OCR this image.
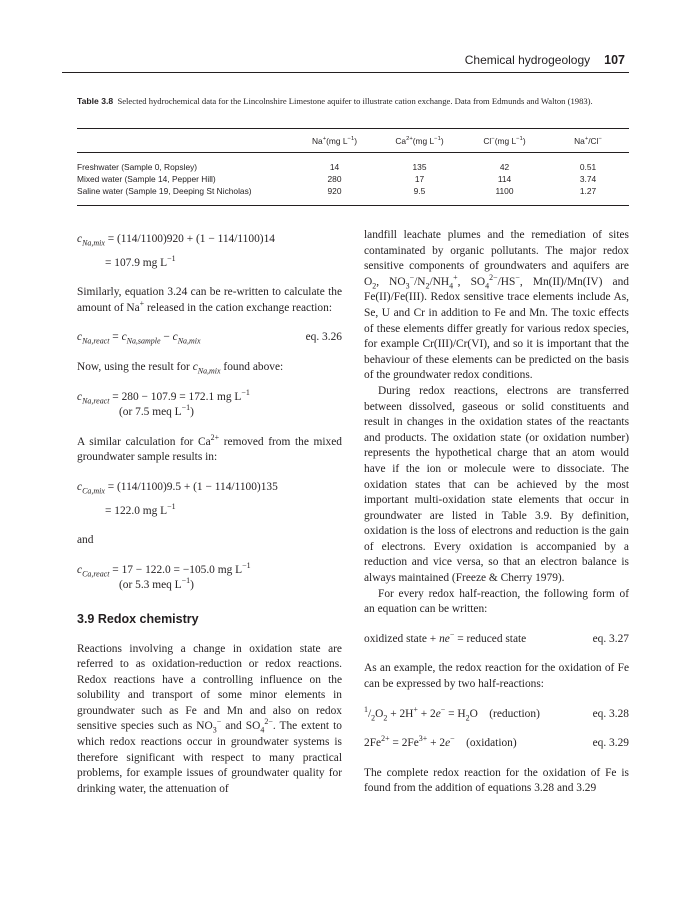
Chemical hydrogeology 107
Table 3.8 Selected hydrochemical data for the Lincolnshire Limestone aquifer to illustrate cation exchange. Data from Edmunds and Walton (1983).
	Na+(mg $L^{-1}$)	$Ca^{2+}(mg$ $L^{-1}$)	Cl−(mg $L^{-1}$)	Na+/Cl−
Freshwater (Sample 0, Ropsley)	14	135	42	0.51
Mixed water (Sample 14, Pepper Hill)	280	17	114	3.74
Saline water (Sample 19, Deeping St Nicholas)	920	9.5	1100	1.27

$c_{Na,mix} = (114/1100)920 + (1 - 114/1100)14$

= 107.9 mg $L^{-1}$

Similarly, equation 3.24 can be re-written to calculate the amount of Na+ released in the cation exchange reaction:

$c_{Na,react} = c_{Na,sample} - c_{Na,mix}$	eq. 3.26

Now, using the result for $c_{Na,mix}$ found above:

$c_{Na,react} = 280 - 107.9 = 172.1$ mg $L^{-1}$

(or 7.5 meq $L^{-1}$)

A similar calculation for $Ca^{2+}$ removed from the mixed groundwater sample results in:

$c_{Ca,mix} = (114/1100)9.5 + (1 - 114/1100)135$

= 122.0 mg $L^{-1}$

and

$c_{Ca,react} = 17 - 122.0 = -105.0$ mg $L^{-1}$

(or 5.3 meq $L^{-1}$)

3.9 Redox chemistry

Reactions involving a change in oxidation state are referred to as oxidation-reduction or redox reactions. Redox reactions have a controlling influence on the solubility and transport of some minor elements in groundwater such as Fe and Mn and also on redox sensitive species such as $NO_3^-$ and $SO_4^{2-}$. The extent to which redox reactions occur in groundwater systems is therefore significant with respect to many practical problems, for example issues of groundwater quality for drinking water, the attenuation of

landfill leachate plumes and the remediation of sites contaminated by organic pollutants. The major redox sensitive components of groundwaters and aquifers are $O_2$, $NO_3^-/N_2/NH_4^+$, $SO_4^{2-}/HS^-$, Mn(II)/Mn(IV) and Fe(II)/Fe(III). Redox sensitive trace elements include As, Se, U and Cr in addition to Fe and Mn. The toxic effects of these elements differ greatly for various redox species, for example Cr(III)/Cr(VI), and so it is important that the behaviour of these elements can be predicted on the basis of the groundwater redox conditions.

During redox reactions, electrons are transferred between dissolved, gaseous or solid constituents and result in changes in the oxidation states of the reactants and products. The oxidation state (or oxidation number) represents the hypothetical charge that an atom would have if the ion or molecule were to dissociate. The oxidation states that can be achieved by the most important multi-oxidation state elements that occur in groundwater are listed in Table 3.9. By definition, oxidation is the loss of electrons and reduction is the gain of electrons. Every oxidation is accompanied by a reduction and vice versa, so that an electron balance is always maintained (Freeze & Cherry 1979).

For every redox half-reaction, the following form of an equation can be written:

oxidized state + ne− = reduced state	eq. 3.27

As an example, the redox reaction for the oxidation of Fe can be expressed by two half-reactions:

$^1/_2O_2 + 2H^+ + 2e^- = H_2O$    (reduction)	eq. 3.28

$2Fe^{2+} = 2Fe^{3+} + 2e^-$ (oxidation)	eq. 3.29

The complete redox reaction for the oxidation of Fe is found from the addition of equations 3.28 and 3.29
